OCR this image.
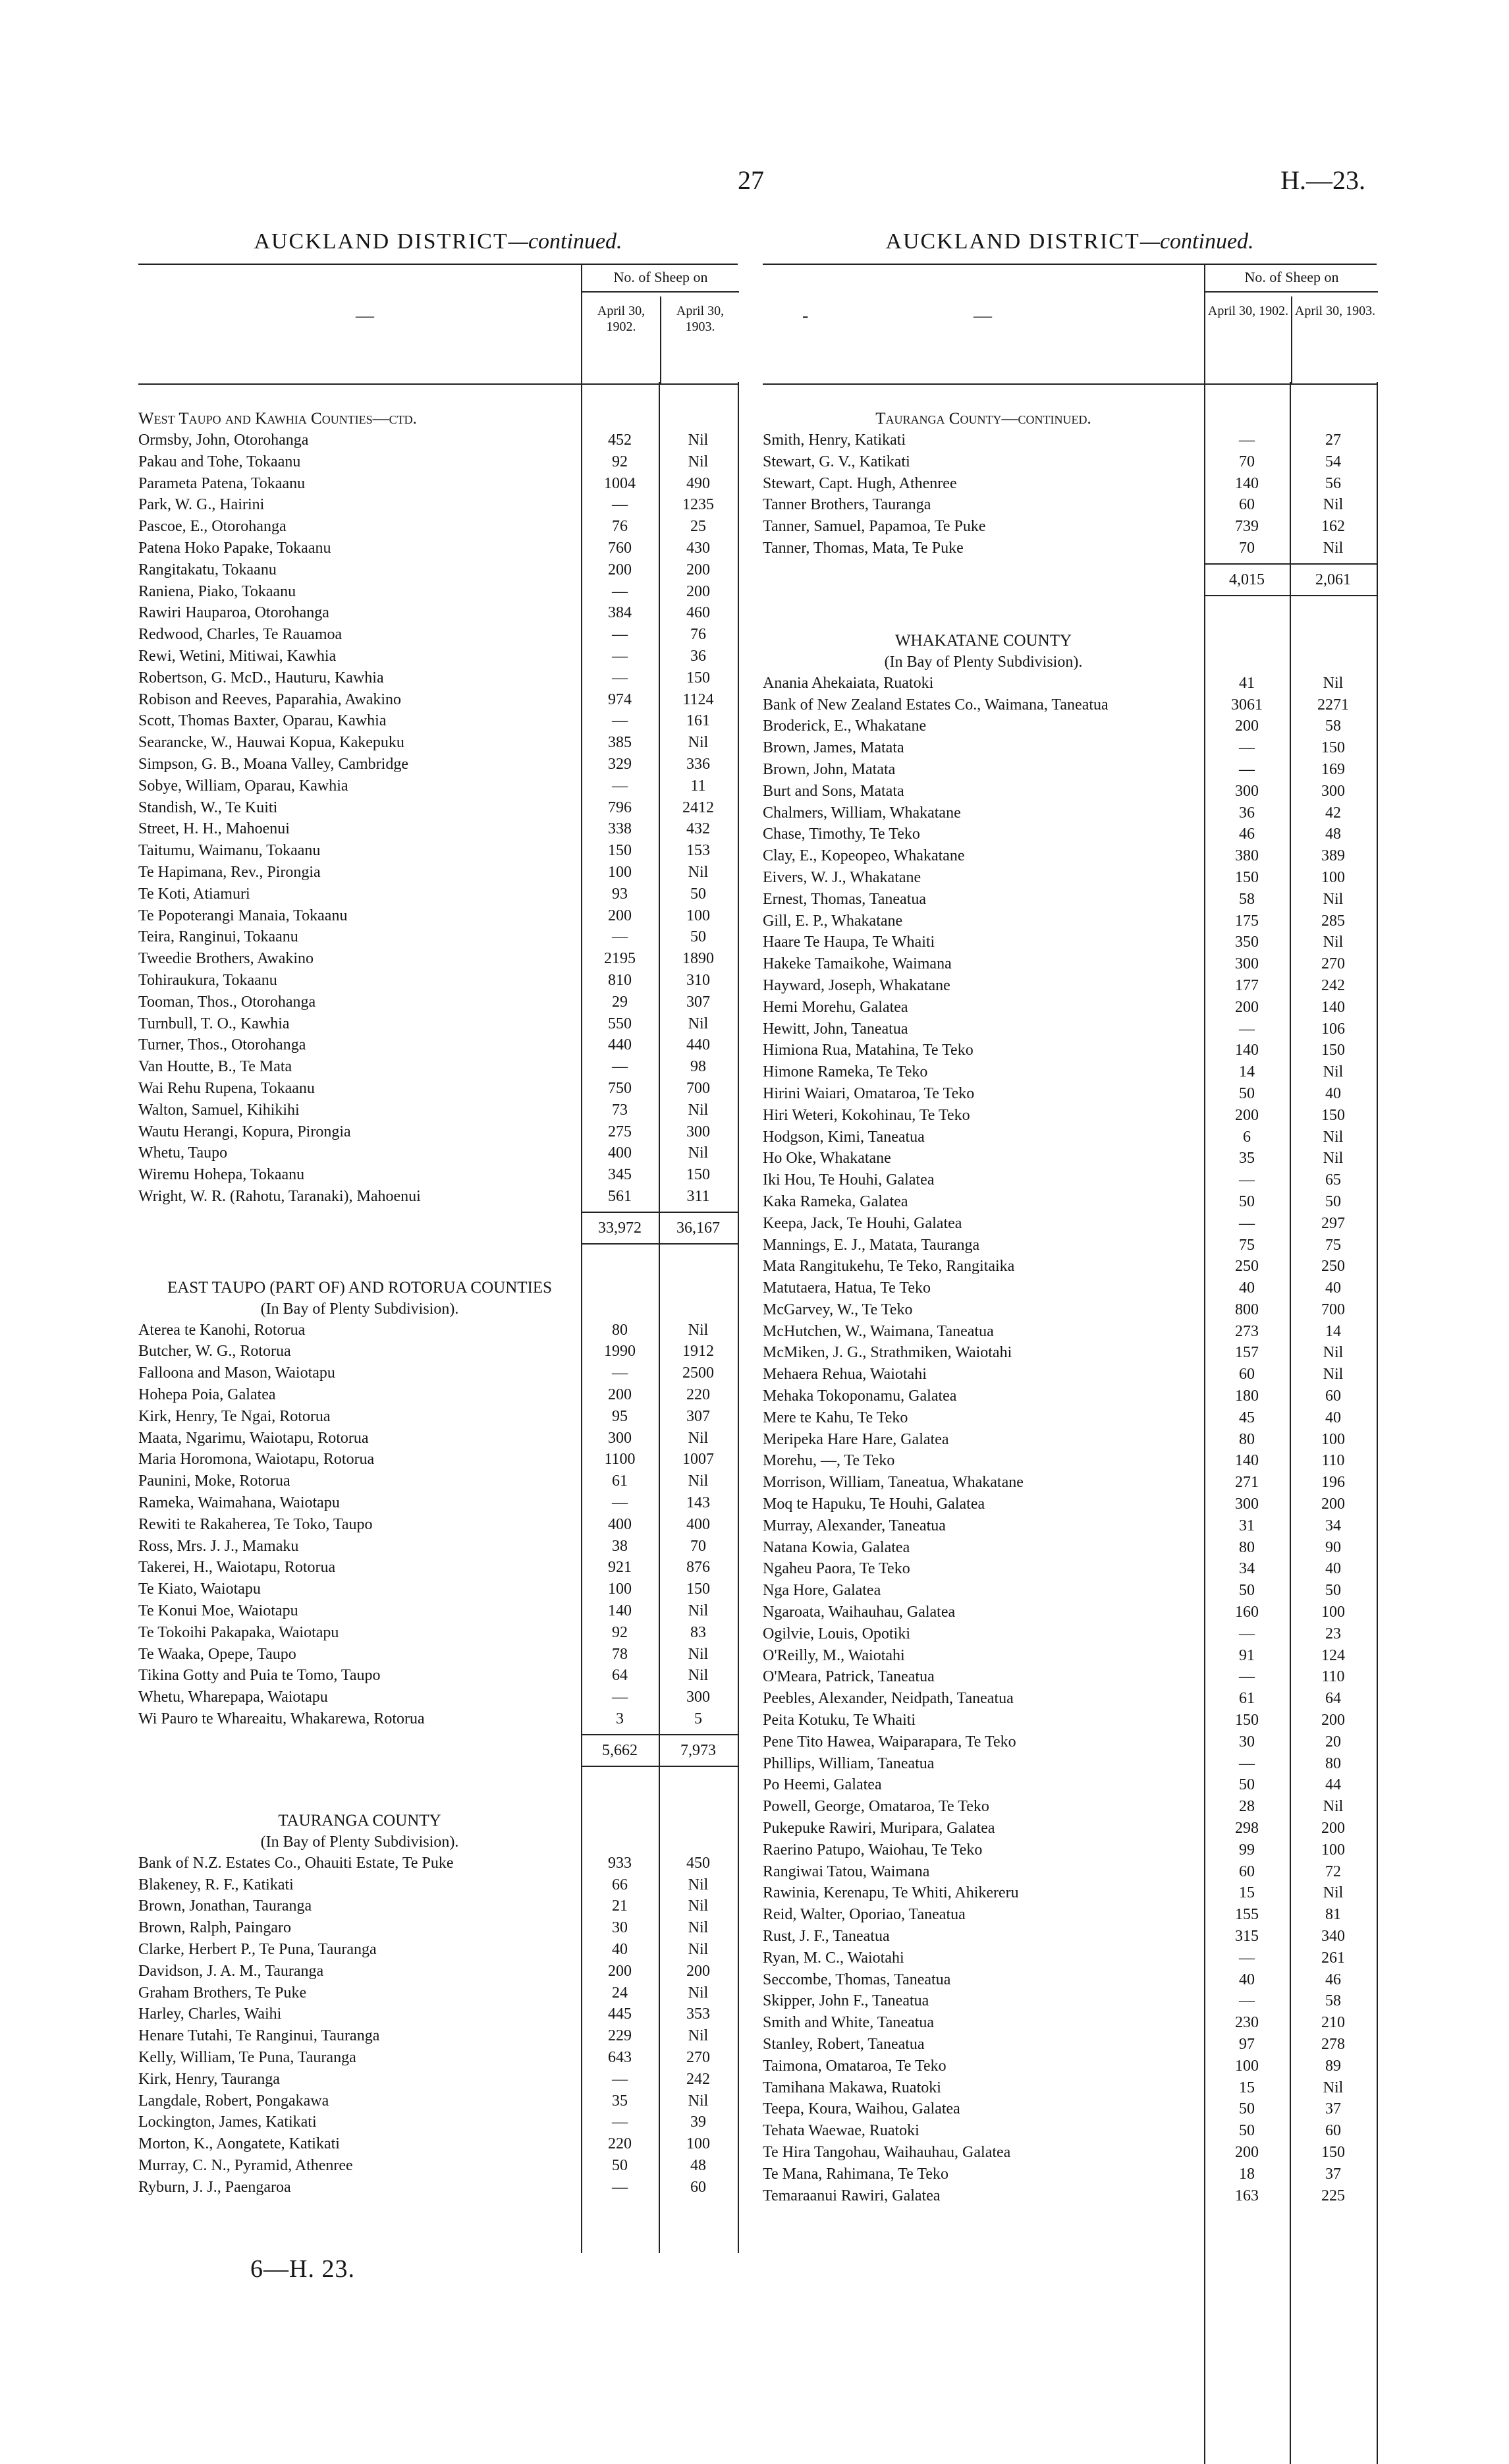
27	H.—23.
AUCKLAND DISTRICT—continued.
—
No. of Sheep on
April 30, 1902.
April 30, 1903.
West Taupo and Kawhia Counties—ctd.
Ormsby, John, Otorohanga	452	Nil
Pakau and Tohe, Tokaanu	92	Nil
Parameta Patena, Tokaanu	1004	490
Park, W. G., Hairini	—	1235
Pascoe, E., Otorohanga	76	25
Patena Hoko Papake, Tokaanu	760	430
Rangitakatu, Tokaanu	200	200
Raniena, Piako, Tokaanu	—	200
Rawiri Hauparoa, Otorohanga	384	460
Redwood, Charles, Te Rauamoa	—	76
Rewi, Wetini, Mitiwai, Kawhia	—	36
Robertson, G. McD., Hauturu, Kawhia	—	150
Robison and Reeves, Paparahia, Awakino	974	1124
Scott, Thomas Baxter, Oparau, Kawhia	—	161
Searancke, W., Hauwai Kopua, Kakepuku	385	Nil
Simpson, G. B., Moana Valley, Cambridge	329	336
Sobye, William, Oparau, Kawhia	—	11
Standish, W., Te Kuiti	796	2412
Street, H. H., Mahoenui	338	432
Taitumu, Waimanu, Tokaanu	150	153
Te Hapimana, Rev., Pirongia	100	Nil
Te Koti, Atiamuri	93	50
Te Popoterangi Manaia, Tokaanu	200	100
Teira, Ranginui, Tokaanu	—	50
Tweedie Brothers, Awakino	2195	1890
Tohiraukura, Tokaanu	810	310
Tooman, Thos., Otorohanga	29	307
Turnbull, T. O., Kawhia	550	Nil
Turner, Thos., Otorohanga	440	440
Van Houtte, B., Te Mata	—	98
Wai Rehu Rupena, Tokaanu	750	700
Walton, Samuel, Kihikihi	73	Nil
Wautu Herangi, Kopura, Pirongia	275	300
Whetu, Taupo	400	Nil
Wiremu Hohepa, Tokaanu	345	150
Wright, W. R. (Rahotu, Taranaki), Mahoenui	561	311
33,972	36,167
EAST TAUPO (PART OF) AND ROTORUA COUNTIES
(In Bay of Plenty Subdivision).
Aterea te Kanohi, Rotorua	80	Nil
Butcher, W. G., Rotorua	1990	1912
Falloona and Mason, Waiotapu	—	2500
Hohepa Poia, Galatea	200	220
Kirk, Henry, Te Ngai, Rotorua	95	307
Maata, Ngarimu, Waiotapu, Rotorua	300	Nil
Maria Horomona, Waiotapu, Rotorua	1100	1007
Paunini, Moke, Rotorua	61	Nil
Rameka, Waimahana, Waiotapu	—	143
Rewiti te Rakaherea, Te Toko, Taupo	400	400
Ross, Mrs. J. J., Mamaku	38	70
Takerei, H., Waiotapu, Rotorua	921	876
Te Kiato, Waiotapu	100	150
Te Konui Moe, Waiotapu	140	Nil
Te Tokoihi Pakapaka, Waiotapu	92	83
Te Waaka, Opepe, Taupo	78	Nil
Tikina Gotty and Puia te Tomo, Taupo	64	Nil
Whetu, Wharepapa, Waiotapu	—	300
Wi Pauro te Whareaitu, Whakarewa, Rotorua	3	5
5,662	7,973
TAURANGA COUNTY
(In Bay of Plenty Subdivision).
Bank of N.Z. Estates Co., Ohauiti Estate, Te Puke	933	450
Blakeney, R. F., Katikati	66	Nil
Brown, Jonathan, Tauranga	21	Nil
Brown, Ralph, Paingaro	30	Nil
Clarke, Herbert P., Te Puna, Tauranga	40	Nil
Davidson, J. A. M., Tauranga	200	200
Graham Brothers, Te Puke	24	Nil
Harley, Charles, Waihi	445	353
Henare Tutahi, Te Ranginui, Tauranga	229	Nil
Kelly, William, Te Puna, Tauranga	643	270
Kirk, Henry, Tauranga	—	242
Langdale, Robert, Pongakawa	35	Nil
Lockington, James, Katikati	—	39
Morton, K., Aongatete, Katikati	220	100
Murray, C. N., Pyramid, Athenree	50	48
Ryburn, J. J., Paengaroa	—	60
AUCKLAND DISTRICT—continued.
-	—
No. of Sheep on
April 30, 1902. April 30, 1903.
Tauranga County—continued.
Smith, Henry, Katikati	—	27
Stewart, G. V., Katikati	70	54
Stewart, Capt. Hugh, Athenree	140	56
Tanner Brothers, Tauranga	60	Nil
Tanner, Samuel, Papamoa, Te Puke	739	162
Tanner, Thomas, Mata, Te Puke	70	Nil
4,015	2,061
WHAKATANE COUNTY
(In Bay of Plenty Subdivision).
Anania Ahekaiata, Ruatoki	41	Nil
Bank of New Zealand Estates Co., Waimana, Taneatua	3061	2271
Broderick, E., Whakatane	200	58
Brown, James, Matata	—	150
Brown, John, Matata	—	169
Burt and Sons, Matata	300	300
Chalmers, William, Whakatane	36	42
Chase, Timothy, Te Teko	46	48
Clay, E., Kopeopeo, Whakatane	380	389
Eivers, W. J., Whakatane	150	100
Ernest, Thomas, Taneatua	58	Nil
Gill, E. P., Whakatane	175	285
Haare Te Haupa, Te Whaiti	350	Nil
Hakeke Tamaikohe, Waimana	300	270
Hayward, Joseph, Whakatane	177	242
Hemi Morehu, Galatea	200	140
Hewitt, John, Taneatua	—	106
Himiona Rua, Matahina, Te Teko	140	150
Himone Rameka, Te Teko	14	Nil
Hirini Waiari, Omataroa, Te Teko	50	40
Hiri Weteri, Kokohinau, Te Teko	200	150
Hodgson, Kimi, Taneatua	6	Nil
Ho Oke, Whakatane	35	Nil
Iki Hou, Te Houhi, Galatea	—	65
Kaka Rameka, Galatea	50	50
Keepa, Jack, Te Houhi, Galatea	—	297
Mannings, E. J., Matata, Tauranga	75	75
Mata Rangitukehu, Te Teko, Rangitaika	250	250
Matutaera, Hatua, Te Teko	40	40
McGarvey, W., Te Teko	800	700
McHutchen, W., Waimana, Taneatua	273	14
McMiken, J. G., Strathmiken, Waiotahi	157	Nil
Mehaera Rehua, Waiotahi	60	Nil
Mehaka Tokoponamu, Galatea	180	60
Mere te Kahu, Te Teko	45	40
Meripeka Hare Hare, Galatea	80	100
Morehu, —, Te Teko	140	110
Morrison, William, Taneatua, Whakatane	271	196
Moq te Hapuku, Te Houhi, Galatea	300	200
Murray, Alexander, Taneatua	31	34
Natana Kowia, Galatea	80	90
Ngaheu Paora, Te Teko	34	40
Nga Hore, Galatea	50	50
Ngaroata, Waihauhau, Galatea	160	100
Ogilvie, Louis, Opotiki	—	23
O'Reilly, M., Waiotahi	91	124
O'Meara, Patrick, Taneatua	—	110
Peebles, Alexander, Neidpath, Taneatua	61	64
Peita Kotuku, Te Whaiti	150	200
Pene Tito Hawea, Waiparapara, Te Teko	30	20
Phillips, William, Taneatua	—	80
Po Heemi, Galatea	50	44
Powell, George, Omataroa, Te Teko	28	Nil
Pukepuke Rawiri, Muripara, Galatea	298	200
Raerino Patupo, Waiohau, Te Teko	99	100
Rangiwai Tatou, Waimana	60	72
Rawinia, Kerenapu, Te Whiti, Ahikereru	15	Nil
Reid, Walter, Oporiao, Taneatua	155	81
Rust, J. F., Taneatua	315	340
Ryan, M. C., Waiotahi	—	261
Seccombe, Thomas, Taneatua	40	46
Skipper, John F., Taneatua	—	58
Smith and White, Taneatua	230	210
Stanley, Robert, Taneatua	97	278
Taimona, Omataroa, Te Teko	100	89
Tamihana Makawa, Ruatoki	15	Nil
Teepa, Koura, Waihou, Galatea	50	37
Tehata Waewae, Ruatoki	50	60
Te Hira Tangohau, Waihauhau, Galatea	200	150
Te Mana, Rahimana, Te Teko	18	37
Temaraanui Rawiri, Galatea	163	225
6—H. 23.
